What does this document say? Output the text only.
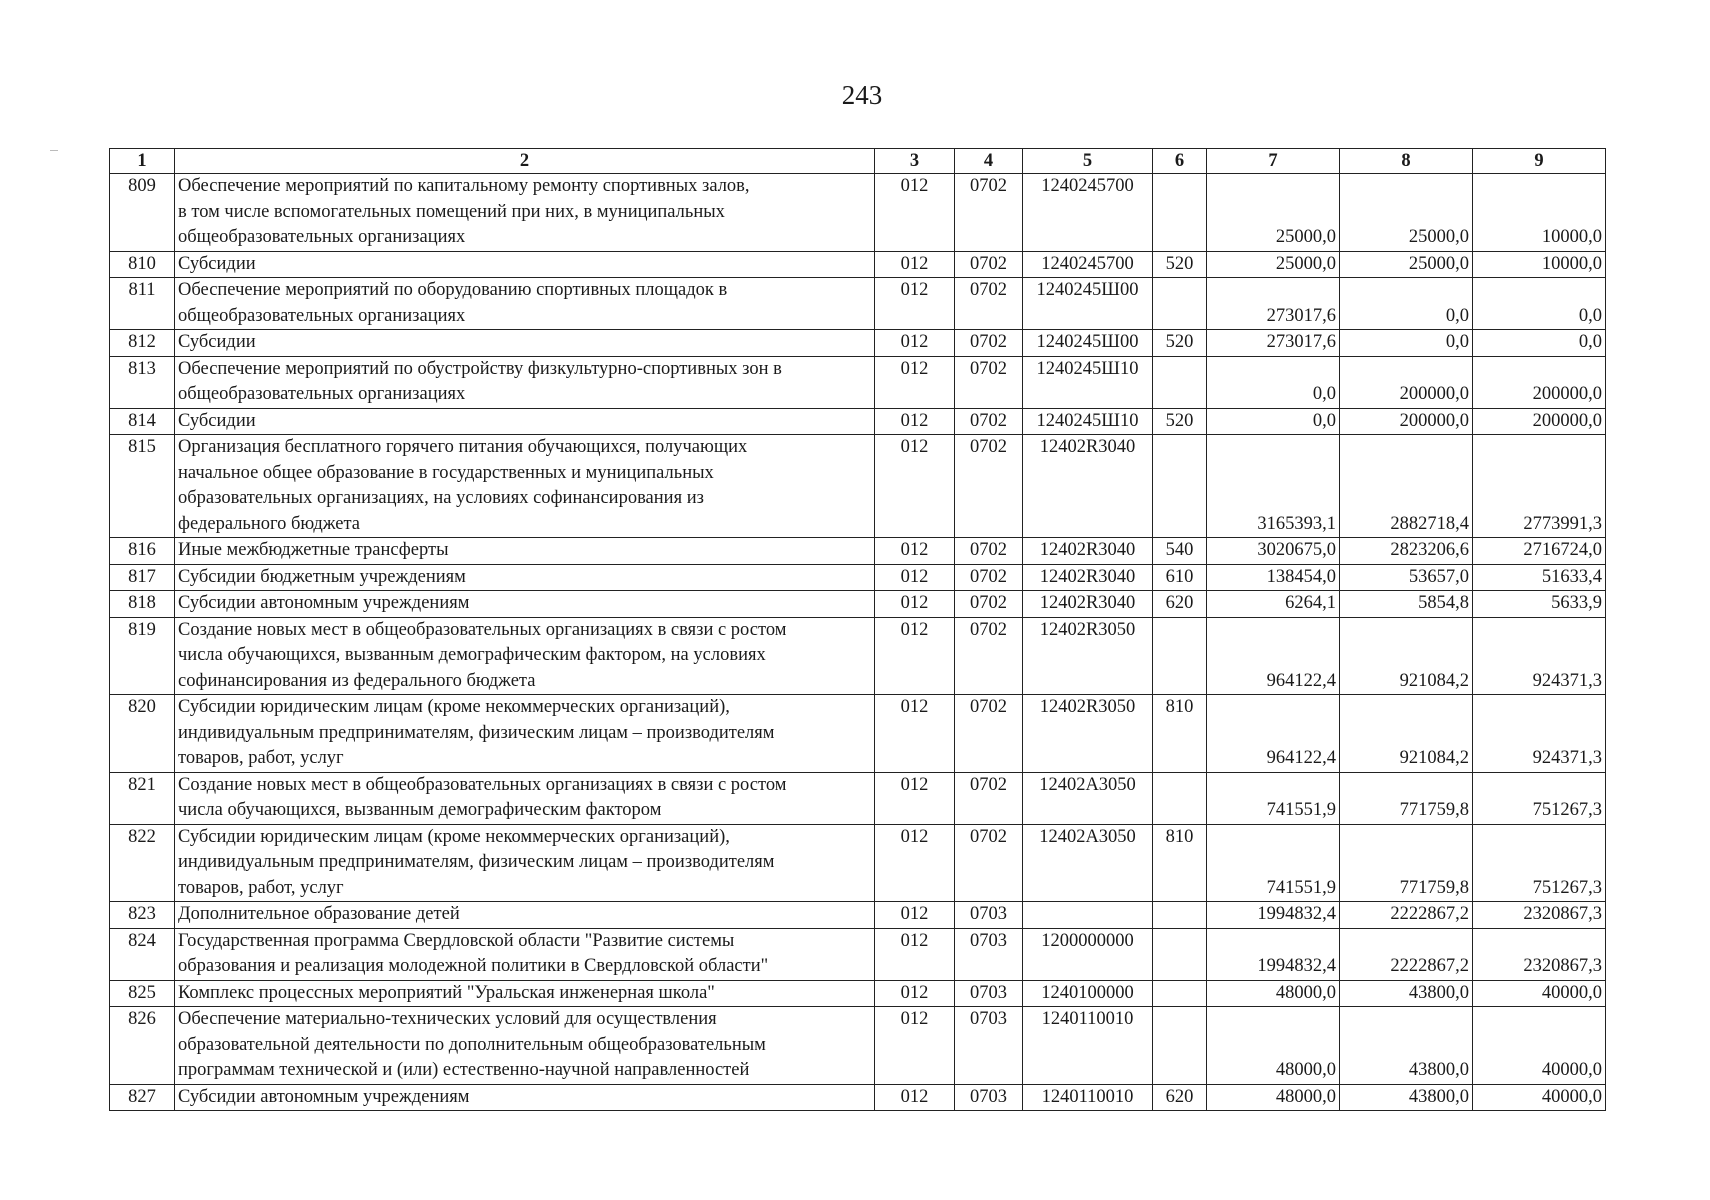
243
1	2	3	4	5	6	7	8	9
809	Обеспечение мероприятий по капитальному ремонту спортивных залов,
в том числе вспомогательных помещений при них, в муниципальных
общеобразовательных организациях	012	0702	1240245700		25000,0	25000,0	10000,0
810	Субсидии	012	0702	1240245700	520	25000,0	25000,0	10000,0
811	Обеспечение мероприятий по оборудованию спортивных площадок в
общеобразовательных организациях	012	0702	1240245Ш00		273017,6	0,0	0,0
812	Субсидии	012	0702	1240245Ш00	520	273017,6	0,0	0,0
813	Обеспечение мероприятий по обустройству физкультурно-спортивных зон в
общеобразовательных организациях	012	0702	1240245Ш10		0,0	200000,0	200000,0
814	Субсидии	012	0702	1240245Ш10	520	0,0	200000,0	200000,0
815	Организация бесплатного горячего питания обучающихся, получающих
начальное общее образование в государственных и муниципальных
образовательных организациях, на условиях софинансирования из
федерального бюджета	012	0702	12402R3040		3165393,1	2882718,4	2773991,3
816	Иные межбюджетные трансферты	012	0702	12402R3040	540	3020675,0	2823206,6	2716724,0
817	Субсидии бюджетным учреждениям	012	0702	12402R3040	610	138454,0	53657,0	51633,4
818	Субсидии автономным учреждениям	012	0702	12402R3040	620	6264,1	5854,8	5633,9
819	Создание новых мест в общеобразовательных организациях в связи с ростом
числа обучающихся, вызванным демографическим фактором, на условиях
софинансирования из федерального бюджета	012	0702	12402R3050		964122,4	921084,2	924371,3
820	Субсидии юридическим лицам (кроме некоммерческих организаций),
индивидуальным предпринимателям, физическим лицам – производителям
товаров, работ, услуг	012	0702	12402R3050	810	964122,4	921084,2	924371,3
821	Создание новых мест в общеобразовательных организациях в связи с ростом
числа обучающихся, вызванным демографическим фактором	012	0702	12402A3050		741551,9	771759,8	751267,3
822	Субсидии юридическим лицам (кроме некоммерческих организаций),
индивидуальным предпринимателям, физическим лицам – производителям
товаров, работ, услуг	012	0702	12402A3050	810	741551,9	771759,8	751267,3
823	Дополнительное образование детей	012	0703			1994832,4	2222867,2	2320867,3
824	Государственная программа Свердловской области "Развитие системы
образования и реализация молодежной политики в Свердловской области"	012	0703	1200000000		1994832,4	2222867,2	2320867,3
825	Комплекс процессных мероприятий "Уральская инженерная школа"	012	0703	1240100000		48000,0	43800,0	40000,0
826	Обеспечение материально-технических условий для осуществления
образовательной деятельности по дополнительным общеобразовательным
программам технической и (или) естественно-научной направленностей	012	0703	1240110010		48000,0	43800,0	40000,0
827	Субсидии автономным учреждениям	012	0703	1240110010	620	48000,0	43800,0	40000,0
